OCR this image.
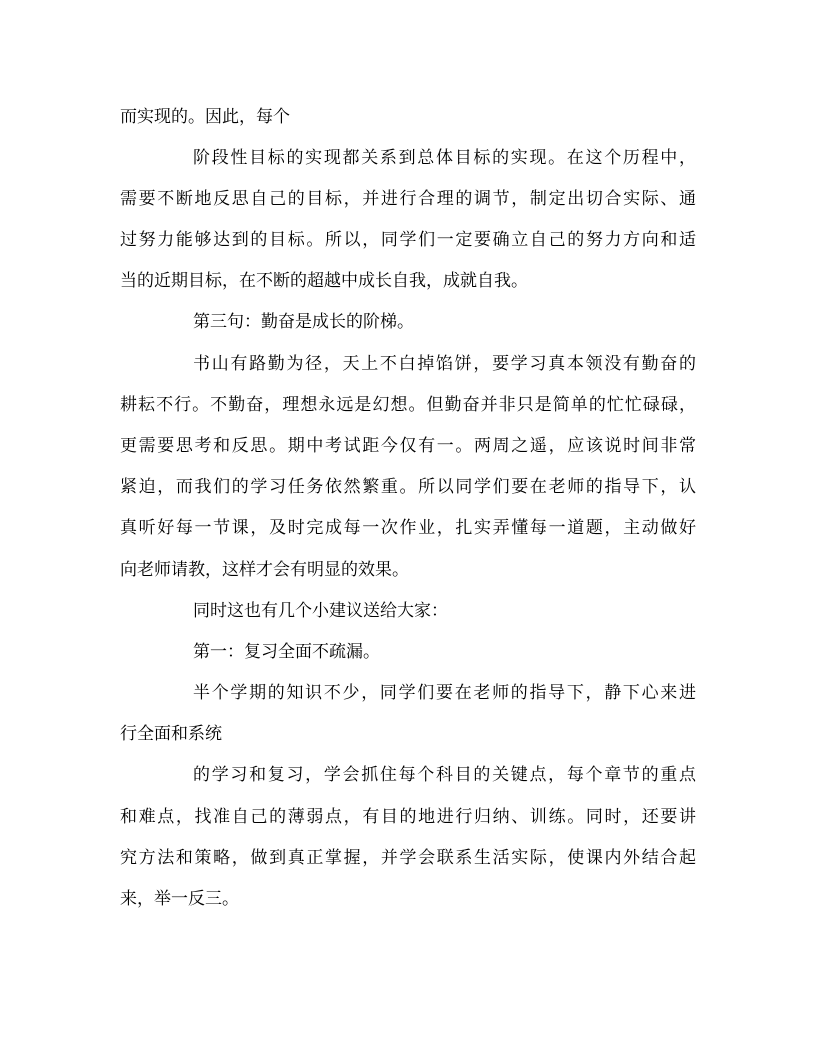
而实现的。因此，每个
阶段性目标的实现都关系到总体目标的实现。在这个历程中，
需要不断地反思自己的目标，并进行合理的调节，制定出切合实际、通
过努力能够达到的目标。所以，同学们一定要确立自己的努力方向和适
当的近期目标，在不断的超越中成长自我，成就自我。
第三句：勤奋是成长的阶梯。
书山有路勤为径，天上不白掉馅饼，要学习真本领没有勤奋的
耕耘不行。不勤奋，理想永远是幻想。但勤奋并非只是简单的忙忙碌碌，
更需要思考和反思。期中考试距今仅有一。两周之遥，应该说时间非常
紧迫，而我们的学习任务依然繁重。所以同学们要在老师的指导下，认
真听好每一节课，及时完成每一次作业，扎实弄懂每一道题，主动做好
向老师请教，这样才会有明显的效果。
同时这也有几个小建议送给大家：
第一：复习全面不疏漏。
半个学期的知识不少，同学们要在老师的指导下，静下心来进
行全面和系统
的学习和复习，学会抓住每个科目的关键点，每个章节的重点
和难点，找准自己的薄弱点，有目的地进行归纳、训练。同时，还要讲
究方法和策略，做到真正掌握，并学会联系生活实际，使课内外结合起
来，举一反三。
